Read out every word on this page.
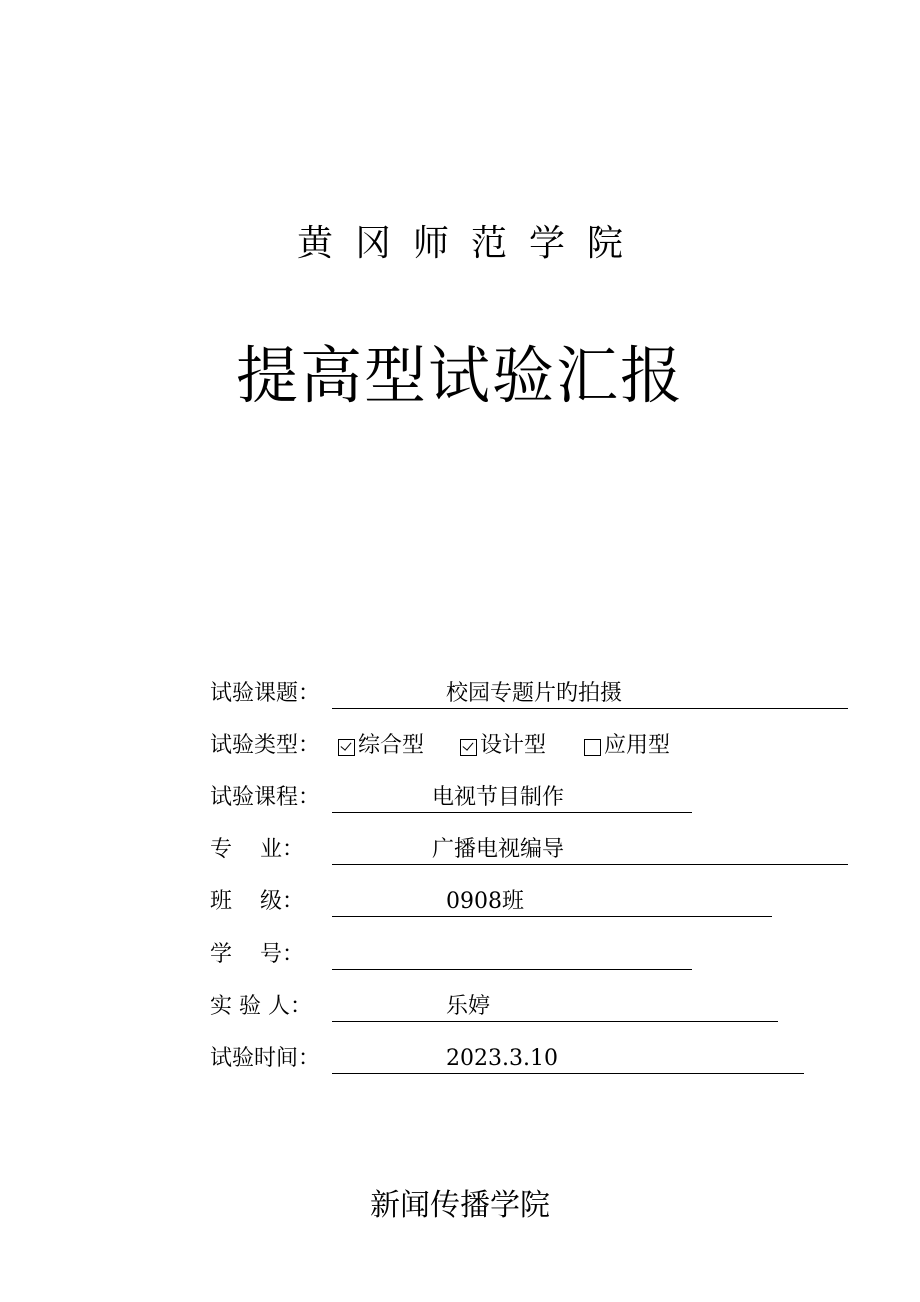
黄冈师范学院
提高型试验汇报
试验课题：	校园专题片旳拍摄
试验类型： 综合型	设计型	应用型
试验课程：	电视节目制作
专    业：	广播电视编导
班    级：	0908班
学    号：
实 验 人：	乐婷
试验时间：	2023.3.10
新闻传播学院
